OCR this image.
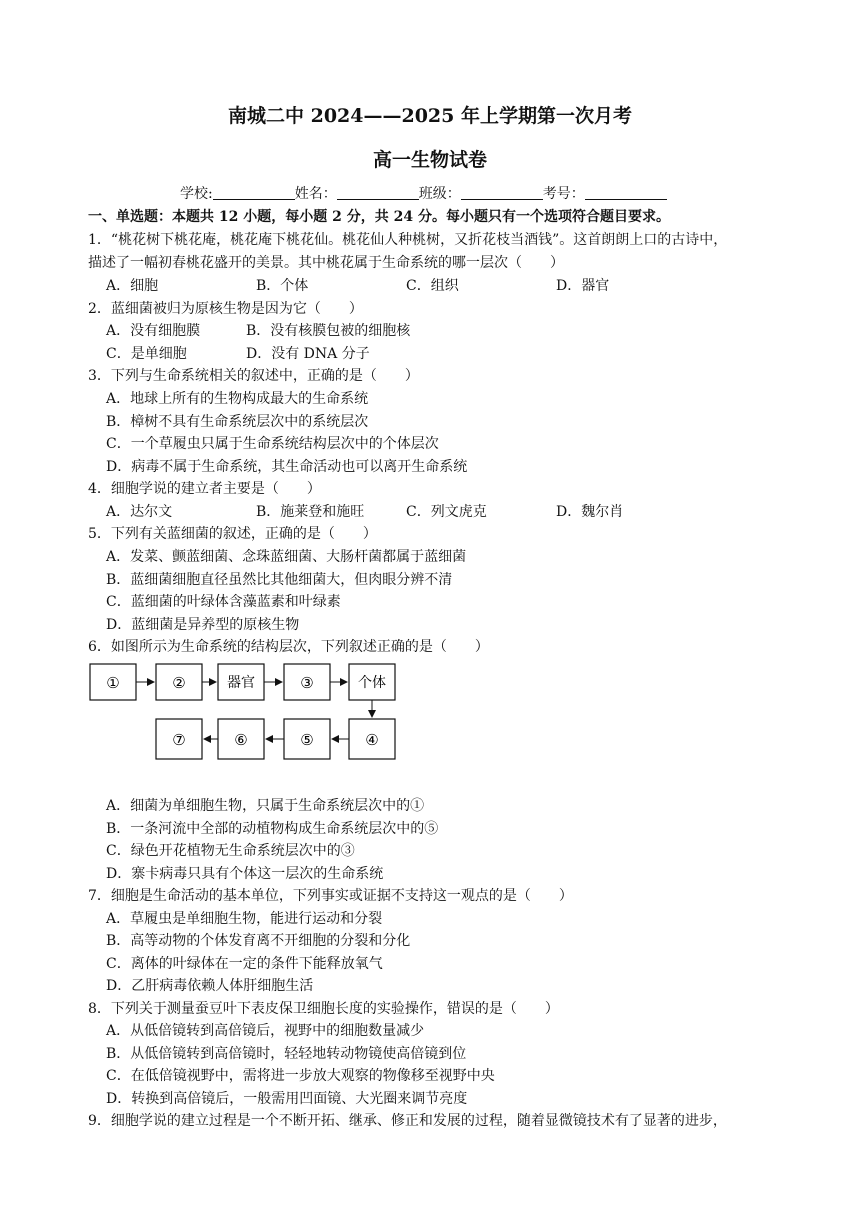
南城二中 2024——2025 年上学期第一次月考
高一生物试卷
学校:	姓名：	班级：	考号：
一、单选题：本题共 12 小题，每小题 2 分，共 24 分。每小题只有一个选项符合题目要求。
1．“桃花树下桃花庵，桃花庵下桃花仙。桃花仙人种桃树，又折花枝当酒钱”。这首朗朗上口的古诗中，
描述了一幅初春桃花盛开的美景。其中桃花属于生命系统的哪一层次（　　）
A．细胞	B．个体	C．组织	D．器官
2．蓝细菌被归为原核生物是因为它（　　）
A．没有细胞膜	B．没有核膜包被的细胞核
C．是单细胞	D．没有 DNA 分子
3．下列与生命系统相关的叙述中，正确的是（　　）
A．地球上所有的生物构成最大的生命系统
B．樟树不具有生命系统层次中的系统层次
C．一个草履虫只属于生命系统结构层次中的个体层次
D．病毒不属于生命系统，其生命活动也可以离开生命系统
4．细胞学说的建立者主要是（　　）
A．达尔文	B．施莱登和施旺	C．列文虎克	D．魏尔肖
5．下列有关蓝细菌的叙述，正确的是（　　）
A．发菜、颤蓝细菌、念珠蓝细菌、大肠杆菌都属于蓝细菌
B．蓝细菌细胞直径虽然比其他细菌大，但肉眼分辨不清
C．蓝细菌的叶绿体含藻蓝素和叶绿素
D．蓝细菌是异养型的原核生物
6．如图所示为生命系统的结构层次，下列叙述正确的是（　　）
①	②	器官	③	个体
⑦	⑥	⑤	④
A．细菌为单细胞生物，只属于生命系统层次中的①
B．一条河流中全部的动植物构成生命系统层次中的⑤
C．绿色开花植物无生命系统层次中的③
D．寨卡病毒只具有个体这一层次的生命系统
7．细胞是生命活动的基本单位，下列事实或证据不支持这一观点的是（　　）
A．草履虫是单细胞生物，能进行运动和分裂
B．高等动物的个体发育离不开细胞的分裂和分化
C．离体的叶绿体在一定的条件下能释放氧气
D．乙肝病毒依赖人体肝细胞生活
8．下列关于测量蚕豆叶下表皮保卫细胞长度的实验操作，错误的是（　　）
A．从低倍镜转到高倍镜后，视野中的细胞数量减少
B．从低倍镜转到高倍镜时，轻轻地转动物镜使高倍镜到位
C．在低倍镜视野中，需将进一步放大观察的物像移至视野中央
D．转换到高倍镜后，一般需用凹面镜、大光圈来调节亮度
9．细胞学说的建立过程是一个不断开拓、继承、修正和发展的过程，随着显微镜技术有了显著的进步，
